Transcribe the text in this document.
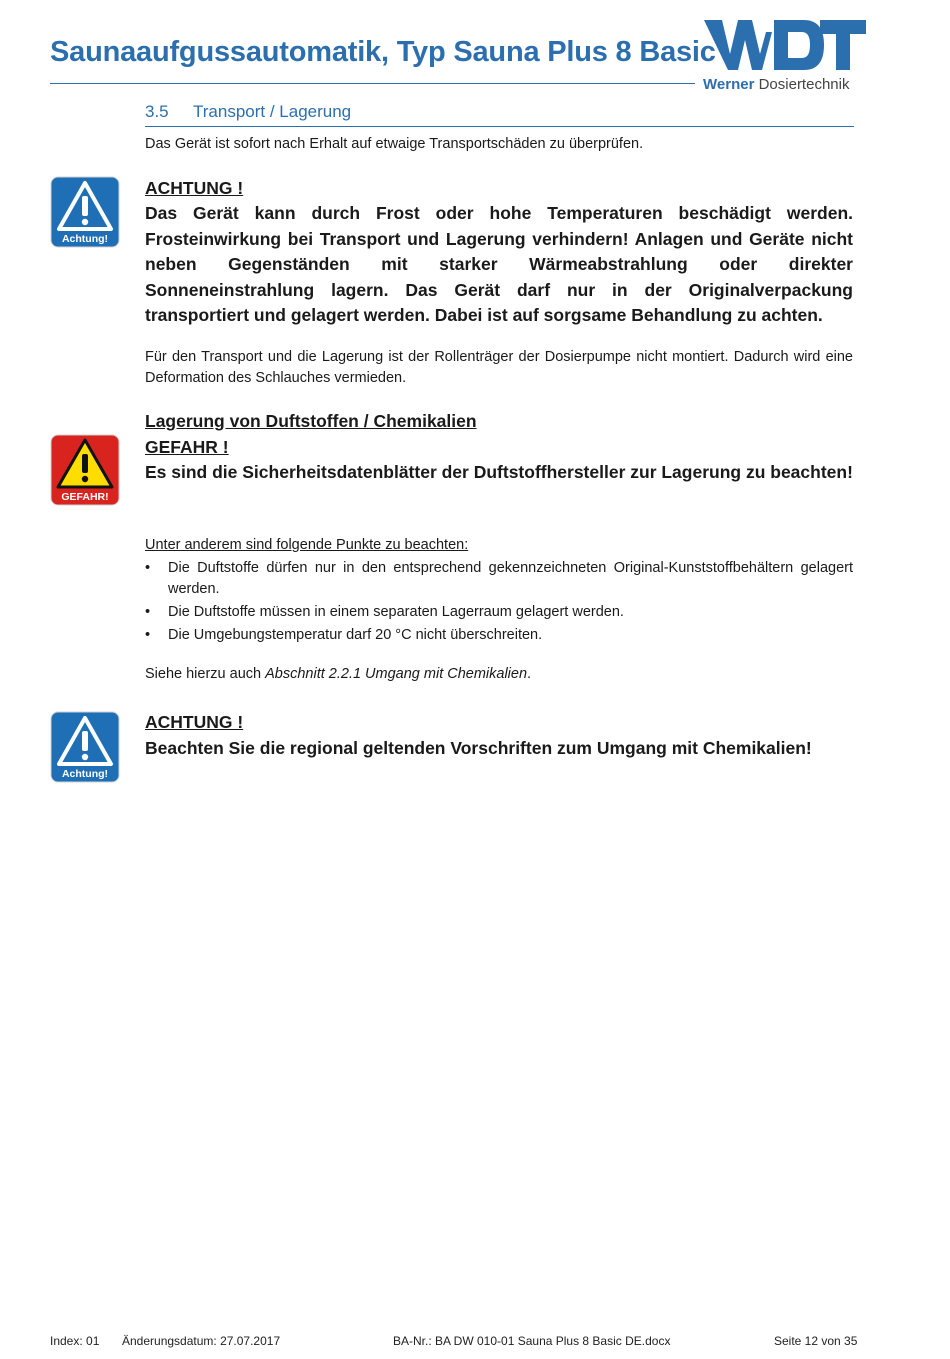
Saunaaufgussautomatik, Typ Sauna Plus 8 Basic
Werner Dosiertechnik
3.5 Transport / Lagerung
Das Gerät ist sofort nach Erhalt auf etwaige Transportschäden zu überprüfen.
Achtung!
ACHTUNG !
Das Gerät kann durch Frost oder hohe Temperaturen beschädigt werden. Frosteinwirkung bei Transport und Lagerung verhindern! Anlagen und Geräte nicht neben Gegenständen mit starker Wärmeabstrahlung oder direkter Sonneneinstrahlung lagern. Das Gerät darf nur in der Originalverpackung transportiert und gelagert werden. Dabei ist auf sorgsame Behandlung zu achten.
Für den Transport und die Lagerung ist der Rollenträger der Dosierpumpe nicht montiert. Dadurch wird eine Deformation des Schlauches vermieden.
Lagerung von Duftstoffen / Chemikalien
GEFAHR !
Es sind die Sicherheitsdatenblätter der Duftstoffhersteller zur Lagerung zu beachten!
GEFAHR!
Unter anderem sind folgende Punkte zu beachten:
• Die Duftstoffe dürfen nur in den entsprechend gekennzeichneten Original-Kunststoffbehältern gelagert werden.
• Die Duftstoffe müssen in einem separaten Lagerraum gelagert werden.
• Die Umgebungstemperatur darf 20 °C nicht überschreiten.
Siehe hierzu auch Abschnitt 2.2.1 Umgang mit Chemikalien.
Achtung!
ACHTUNG !
Beachten Sie die regional geltenden Vorschriften zum Umgang mit Chemikalien!
Index: 01 Änderungsdatum: 27.07.2017	BA-Nr.: BA DW 010-01 Sauna Plus 8 Basic DE.docx	Seite 12 von 35
